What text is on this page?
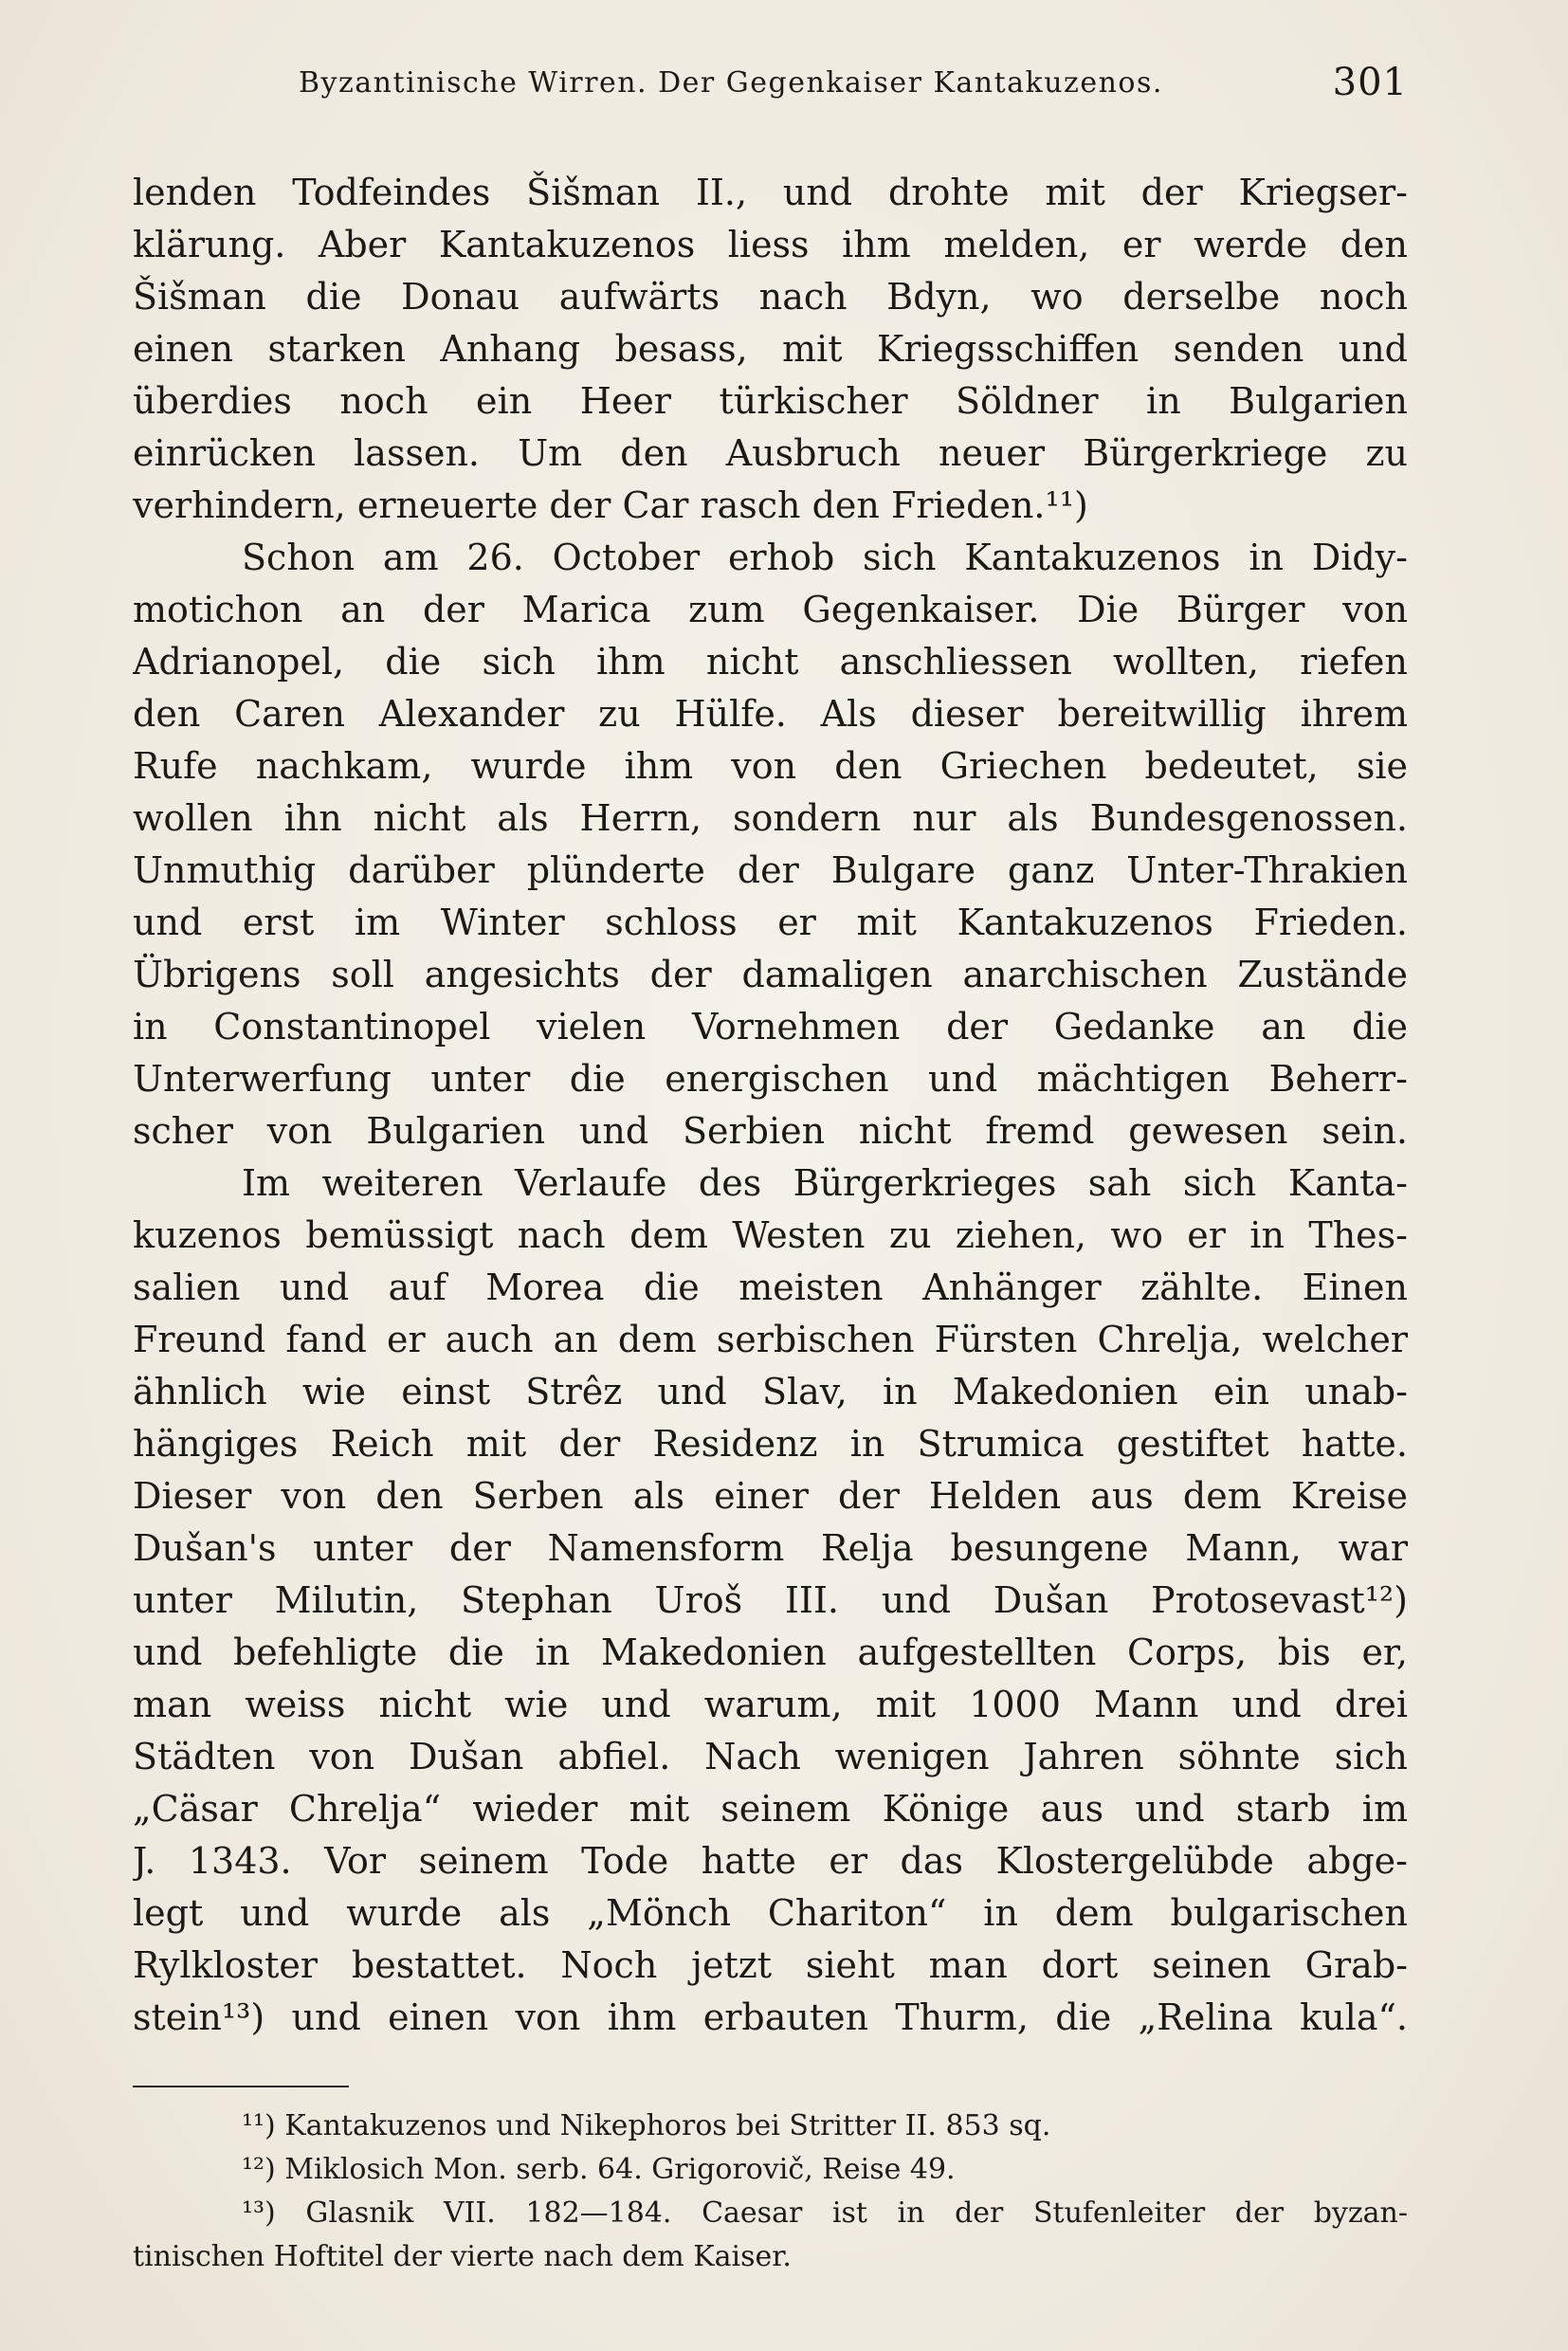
Byzantinische Wirren. Der Gegenkaiser Kantakuzenos.	301
lenden Todfeindes Šišman II., und drohte mit der Kriegser-
klärung. Aber Kantakuzenos liess ihm melden, er werde den
Šišman die Donau aufwärts nach Bdyn, wo derselbe noch
einen starken Anhang besass, mit Kriegsschiffen senden und
überdies noch ein Heer türkischer Söldner in Bulgarien
einrücken lassen. Um den Ausbruch neuer Bürgerkriege zu
verhindern, erneuerte der Car rasch den Frieden.¹¹)
Schon am 26. October erhob sich Kantakuzenos in Didy-
motichon an der Marica zum Gegenkaiser. Die Bürger von
Adrianopel, die sich ihm nicht anschliessen wollten, riefen
den Caren Alexander zu Hülfe. Als dieser bereitwillig ihrem
Rufe nachkam, wurde ihm von den Griechen bedeutet, sie
wollen ihn nicht als Herrn, sondern nur als Bundesgenossen.
Unmuthig darüber plünderte der Bulgare ganz Unter-Thrakien
und erst im Winter schloss er mit Kantakuzenos Frieden.
Übrigens soll angesichts der damaligen anarchischen Zustände
in Constantinopel vielen Vornehmen der Gedanke an die
Unterwerfung unter die energischen und mächtigen Beherr-
scher von Bulgarien und Serbien nicht fremd gewesen sein.
Im weiteren Verlaufe des Bürgerkrieges sah sich Kanta-
kuzenos bemüssigt nach dem Westen zu ziehen, wo er in Thes-
salien und auf Morea die meisten Anhänger zählte. Einen
Freund fand er auch an dem serbischen Fürsten Chrelja, welcher
ähnlich wie einst Strêz und Slav, in Makedonien ein unab-
hängiges Reich mit der Residenz in Strumica gestiftet hatte.
Dieser von den Serben als einer der Helden aus dem Kreise
Dušan's unter der Namensform Relja besungene Mann, war
unter Milutin, Stephan Uroš III. und Dušan Protosevast¹²)
und befehligte die in Makedonien aufgestellten Corps, bis er,
man weiss nicht wie und warum, mit 1000 Mann und drei
Städten von Dušan abfiel. Nach wenigen Jahren söhnte sich
„Cäsar Chrelja“ wieder mit seinem Könige aus und starb im
J. 1343. Vor seinem Tode hatte er das Klostergelübde abge-
legt und wurde als „Mönch Chariton“ in dem bulgarischen
Rylkloster bestattet. Noch jetzt sieht man dort seinen Grab-
stein¹³) und einen von ihm erbauten Thurm, die „Relina kula“.
¹¹) Kantakuzenos und Nikephoros bei Stritter II. 853 sq.
¹²) Miklosich Mon. serb. 64. Grigorovič, Reise 49.
¹³) Glasnik VII. 182—184. Caesar ist in der Stufenleiter der byzan-
tinischen Hoftitel der vierte nach dem Kaiser.
